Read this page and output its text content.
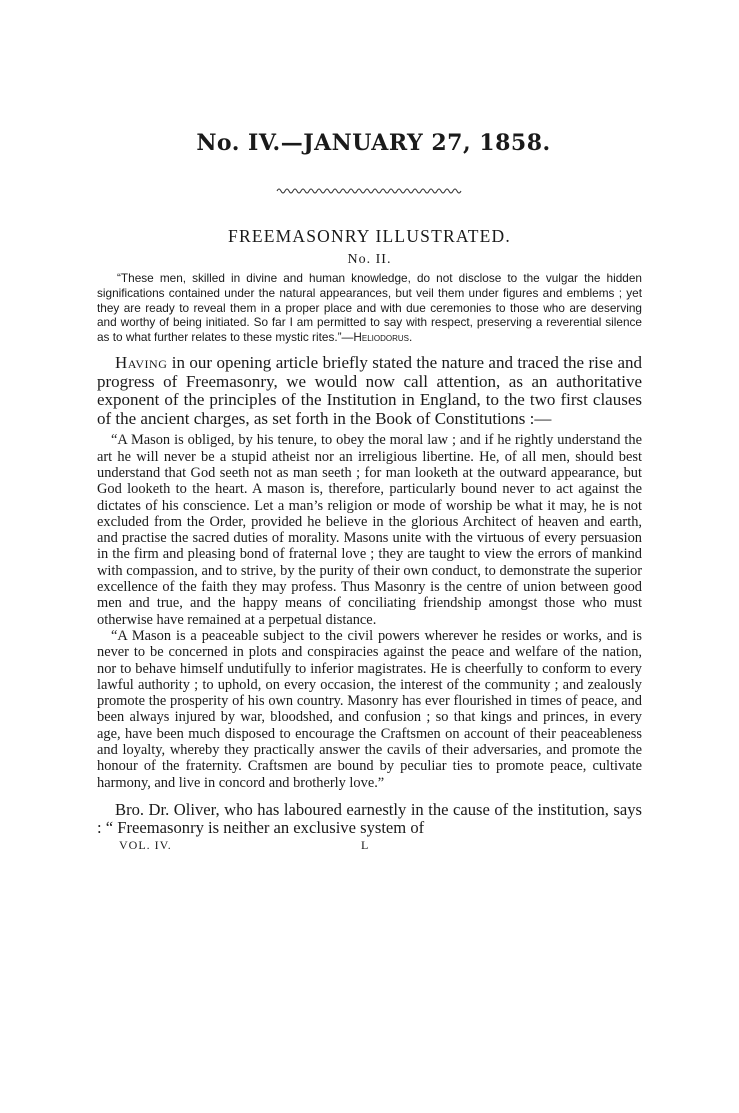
No. IV.—JANUARY 27, 1858.
FREEMASONRY ILLUSTRATED.

No. II.

“These men, skilled in divine and human knowledge, do not disclose to the vulgar the hidden significations contained under the natural appearances, but veil them under figures and emblems ; yet they are ready to reveal them in a proper place and with due ceremonies to those who are deserving and worthy of being initiated. So far I am permitted to say with respect, preserving a reverential silence as to what further relates to these mystic rites.”—Heliodorus.

Having in our opening article briefly stated the nature and traced the rise and progress of Freemasonry, we would now call attention, as an authoritative exponent of the principles of the Institution in England, to the two first clauses of the ancient charges, as set forth in the Book of Constitutions :—

“A Mason is obliged, by his tenure, to obey the moral law ; and if he rightly understand the art he will never be a stupid atheist nor an irreligious libertine. He, of all men, should best understand that God seeth not as man seeth ; for man looketh at the outward appearance, but God looketh to the heart. A mason is, therefore, particularly bound never to act against the dictates of his conscience. Let a man’s religion or mode of worship be what it may, he is not excluded from the Order, provided he believe in the glorious Architect of heaven and earth, and practise the sacred duties of morality. Masons unite with the virtuous of every persuasion in the firm and pleasing bond of fraternal love ; they are taught to view the errors of mankind with compassion, and to strive, by the purity of their own conduct, to demonstrate the superior excellence of the faith they may profess. Thus Masonry is the centre of union between good men and true, and the happy means of conciliating friendship amongst those who must otherwise have remained at a perpetual distance.

“A Mason is a peaceable subject to the civil powers wherever he resides or works, and is never to be concerned in plots and conspiracies against the peace and welfare of the nation, nor to behave himself undutifully to inferior magistrates. He is cheerfully to conform to every lawful authority ; to uphold, on every occasion, the interest of the community ; and zealously promote the prosperity of his own country. Masonry has ever flourished in times of peace, and been always injured by war, bloodshed, and confusion ; so that kings and princes, in every age, have been much disposed to encourage the Craftsmen on account of their peaceableness and loyalty, whereby they practically answer the cavils of their adversaries, and promote the honour of the fraternity. Craftsmen are bound by peculiar ties to promote peace, cultivate harmony, and live in concord and brotherly love.”

Bro. Dr. Oliver, who has laboured earnestly in the cause of the institution, says : “ Freemasonry is neither an exclusive system of

VOL. IV.	L
